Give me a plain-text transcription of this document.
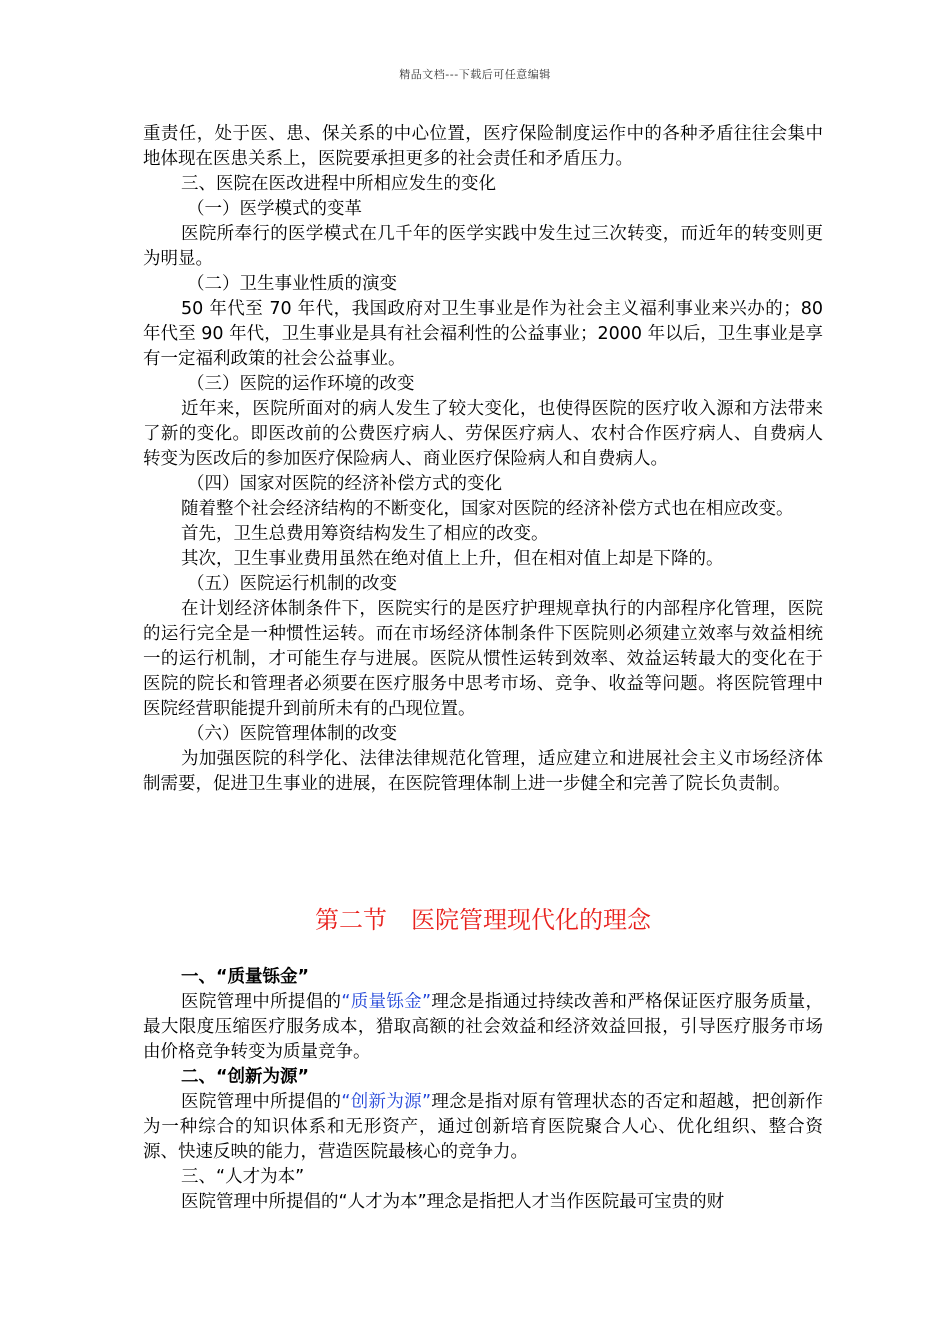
精品文档---下载后可任意编辑

重责任，处于医、患、保关系的中心位置，医疗保险制度运作中的各种矛盾往往会集中地体现在医患关系上，医院要承担更多的社会责任和矛盾压力。

三、医院在医改进程中所相应发生的变化

（一）医学模式的变革

医院所奉行的医学模式在几千年的医学实践中发生过三次转变，而近年的转变则更为明显。

（二）卫生事业性质的演变

50 年代至 70 年代，我国政府对卫生事业是作为社会主义福利事业来兴办的；80 年代至 90 年代，卫生事业是具有社会福利性的公益事业；2000 年以后，卫生事业是享有一定福利政策的社会公益事业。

（三）医院的运作环境的改变

近年来，医院所面对的病人发生了较大变化，也使得医院的医疗收入源和方法带来了新的变化。即医改前的公费医疗病人、劳保医疗病人、农村合作医疗病人、自费病人转变为医改后的参加医疗保险病人、商业医疗保险病人和自费病人。

（四）国家对医院的经济补偿方式的变化

随着整个社会经济结构的不断变化，国家对医院的经济补偿方式也在相应改变。

首先，卫生总费用筹资结构发生了相应的改变。

其次，卫生事业费用虽然在绝对值上上升，但在相对值上却是下降的。

（五）医院运行机制的改变

在计划经济体制条件下，医院实行的是医疗护理规章执行的内部程序化管理，医院的运行完全是一种惯性运转。而在市场经济体制条件下医院则必须建立效率与效益相统一的运行机制，才可能生存与进展。医院从惯性运转到效率、效益运转最大的变化在于医院的院长和管理者必须要在医疗服务中思考市场、竞争、收益等问题。将医院管理中医院经营职能提升到前所未有的凸现位置。

（六）医院管理体制的改变

为加强医院的科学化、法律法律规范化管理，适应建立和进展社会主义市场经济体制需要，促进卫生事业的进展，在医院管理体制上进一步健全和完善了院长负责制。

第二节　医院管理现代化的理念

一、“质量铄金”

医院管理中所提倡的“质量铄金”理念是指通过持续改善和严格保证医疗服务质量，最大限度压缩医疗服务成本，猎取高额的社会效益和经济效益回报，引导医疗服务市场由价格竞争转变为质量竞争。

二、“创新为源”

医院管理中所提倡的“创新为源”理念是指对原有管理状态的否定和超越，把创新作为一种综合的知识体系和无形资产，通过创新培育医院聚合人心、优化组织、整合资源、快速反映的能力，营造医院最核心的竞争力。

三、“人才为本”

医院管理中所提倡的“人才为本”理念是指把人才当作医院最可宝贵的财
